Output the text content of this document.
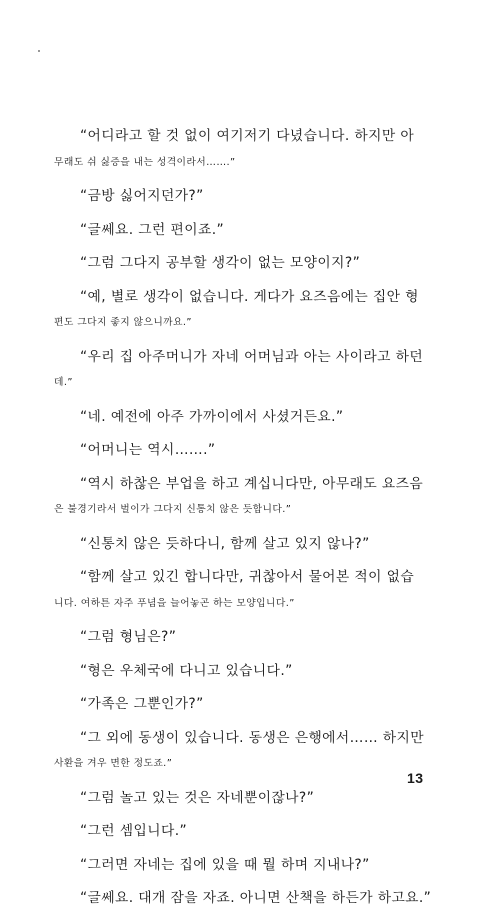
“어디라고 할 것 없이 여기저기 다녔습니다. 하지만 아
무래도 쉬 싫증을 내는 성격이라서…….”

“금방 싫어지던가?”

“글쎄요. 그런 편이죠.”

“그럼 그다지 공부할 생각이 없는 모양이지?”

“예, 별로 생각이 없습니다. 게다가 요즈음에는 집안 형
편도 그다지 좋지 않으니까요.”

“우리 집 아주머니가 자네 어머님과 아는 사이라고 하던
데.”

“네. 예전에 아주 가까이에서 사셨거든요.”

“어머니는 역시…….”

“역시 하찮은 부업을 하고 계십니다만, 아무래도 요즈음
은 불경기라서 벌이가 그다지 신통치 않은 듯합니다.”

“신통치 않은 듯하다니, 함께 살고 있지 않나?”

“함께 살고 있긴 합니다만, 귀찮아서 물어본 적이 없습
니다. 여하튼 자주 푸념을 늘어놓곤 하는 모양입니다.”

“그럼 형님은?”

“형은 우체국에 다니고 있습니다.”

“가족은 그뿐인가?”

“그 외에 동생이 있습니다. 동생은 은행에서…… 하지만
사환을 겨우 면한 정도죠.”

“그럼 놀고 있는 것은 자네뿐이잖나?”

“그런 셈입니다.”

“그러면 자네는 집에 있을 때 뭘 하며 지내나?”

“글쎄요. 대개 잠을 자죠. 아니면 산책을 하든가 하고요.”

13
